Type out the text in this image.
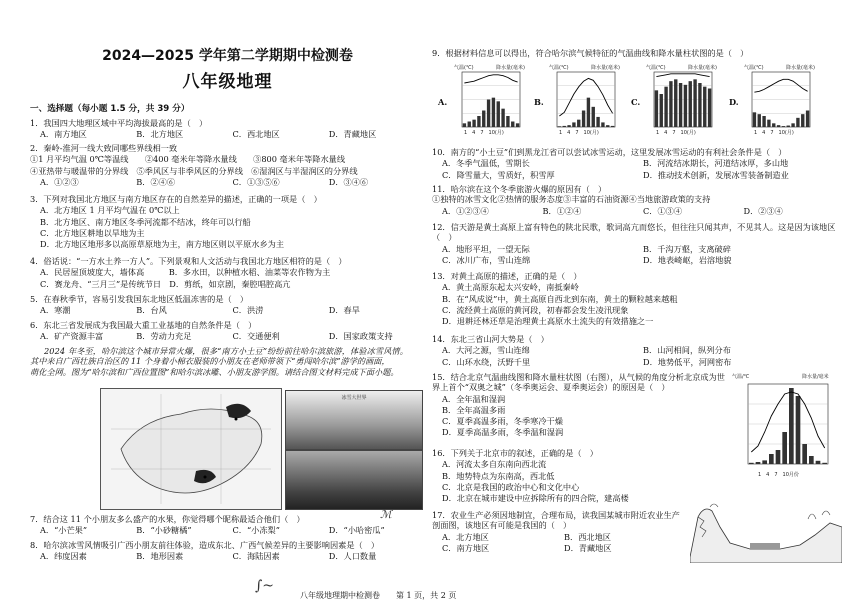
2024—2025 学年第二学期期中检测卷
八年级地理
一、选择题（每小题 1.5 分，共 39 分）

1．我国四大地理区域中平均海拔最高的是（　）

A．南方地区	B．北方地区	C．西北地区	D．青藏地区

2．秦岭-淮河一线大致同哪些界线相一致

①1 月平均气温 0℃等温线　　②400 毫米年等降水量线　　③800 毫米年等降水量线

④亚热带与暖温带的分界线　⑤季风区与非季风区的分界线　⑥湿润区与半湿润区的分界线

A．①②③	B．②④⑥	C．①③⑤⑥	D．③④⑥

3．下列对我国北方地区与南方地区存在的自然差异的描述，正确的一项是（　）

A．北方地区 1 月平均气温在 0℃以上

B．北方地区、南方地区冬季河流都不结冰，终年可以行船

C．北方地区耕地以旱地为主

D．北方地区地形多以高原草原地为主，南方地区则以平原水乡为主

4．俗话说：“一方水土养一方人”。下列景观和人文活动与我国北方地区相符的是（　）

A．民居屋顶坡度大，墙体高　　　B．多水田，以种植水稻、油菜等农作物为主

C．赛龙舟、“三月三”是传统节日　D．剪纸，如京剧，秦腔唱腔高亢

5．在春秋季节，容易引发我国东北地区低温冻害的是（　）

A．寒潮	B．台风	C．洪涝	D．春旱

6．东北三省发展成为我国最大重工业基地的自然条件是（　）

A．矿产资源丰富	B．劳动力充足	C．交通便利	D．国家政策支持

2024 年冬至，哈尔滨这个城市异常火爆，很多“南方小土豆”纷纷前往哈尔滨旅游，体验冰雪风情。

其中来自广西壮族自治区的 11 个身着小棉衣服装的小朋友在老师带领下“勇闯哈尔滨”游学的画面，

萌化全网。图为“哈尔滨和广西位置图”和哈尔滨冰雕、小朋友游学图。请结合图文材料完成下面小题。

冰雪大世界

7．结合这 11 个小朋友多么盛产的水果，你觉得哪个昵称最适合他们（　）

A．“小芒果”	B．“小砂糖橘”	C．“小冻梨”	D．“小哈密瓜”

8．哈尔滨冰雪风情吸引广西小朋友前往体验，造成东北、广西气候差异的主要影响因素是（　）

A．纬度因素	B．地形因素	C．海陆因素	D．人口数量
ℳ
∫~

9．根据材料信息可以得出，符合哈尔滨气候特征的气温曲线和降水量柱状图的是（　）

气温(℃)	降水量(毫米)
1　4　7　10(月)
气温(℃)	降水量(毫米)
1　4　7　10(月)
气温(℃)	降水量(毫米)
1　4　7　10(月)
气温(℃)	降水量(毫米)
1　4　7　10(月)
A.	B.	C.	D.

10．南方的“小土豆”们到黑龙江省可以尝试冰雪运动，这里发展冰雪运动的有利社会条件是（　）

A．冬季气温低，雪期长	B．河流结冰期长，河道结冰厚，多山地
C．降雪量大，雪质好，积雪厚	D．推动技术创新，发展冰雪装备制造业

11．哈尔滨在这个冬季旅游火爆的原因有（　）

①独特的冰雪文化②热情的服务态度③丰富的石油资源④当地旅游政策的支持

A．①②③④	B．①②④	C．①③④	D．②③④

12．信天游是黄土高原上富有特色的陕北民歌，歌词高亢而悠长，但往往只闻其声，不见其人。这是因为该地区（　）

A．地形平坦，一望无际	B．千沟万壑，支离破碎
C．冰川广布，雪山连绵	D．地表崎岖，岩溶地貌

13．对黄土高原的描述，正确的是（　）

A．黄土高原东起太兴安岭，南抵秦岭

B．在“风成说”中，黄土高原自西北到东南，黄土的颗粒越来越粗

C．流经黄土高原的黄河段，初春都会发生凌汛现象

D．退耕还林还草是治理黄土高原水土流失的有效措施之一

14．东北三省山河大势是（　）

A．大河之源，雪山连绵	B．山河相间，纵列分布
C．山环水绕，沃野千里	D．地势低平，河网密布

15．结合北京气温曲线图和降水量柱状图（右图），从气候的角度分析北京成为世界上首个“双奥之城”（冬季奥运会、夏季奥运会）的原因是（　）

A．全年温和湿润

B．全年高温多雨

C．夏季高温多雨，冬季寒冷干燥

D．夏季高温多雨，冬季温和湿润

气温/℃	降水量/毫米
1　4　7　10月份

16．下列关于北京市的叙述，正确的是（　）

A．河流太多自东南向西北流

B．地势特点为东南高，西北低

C．北京是我国的政治中心和文化中心

D．北京在城市建设中应拆除所有的四合院，建高楼

17．农业生产必须因地制宜，合理布局，读我国某城市附近农业生产剖面图，该地区有可能是我国的（　）

A．北方地区	B．西北地区
C．南方地区	D．青藏地区
八年级地理期中检测卷　　第 1 页，共 2 页
